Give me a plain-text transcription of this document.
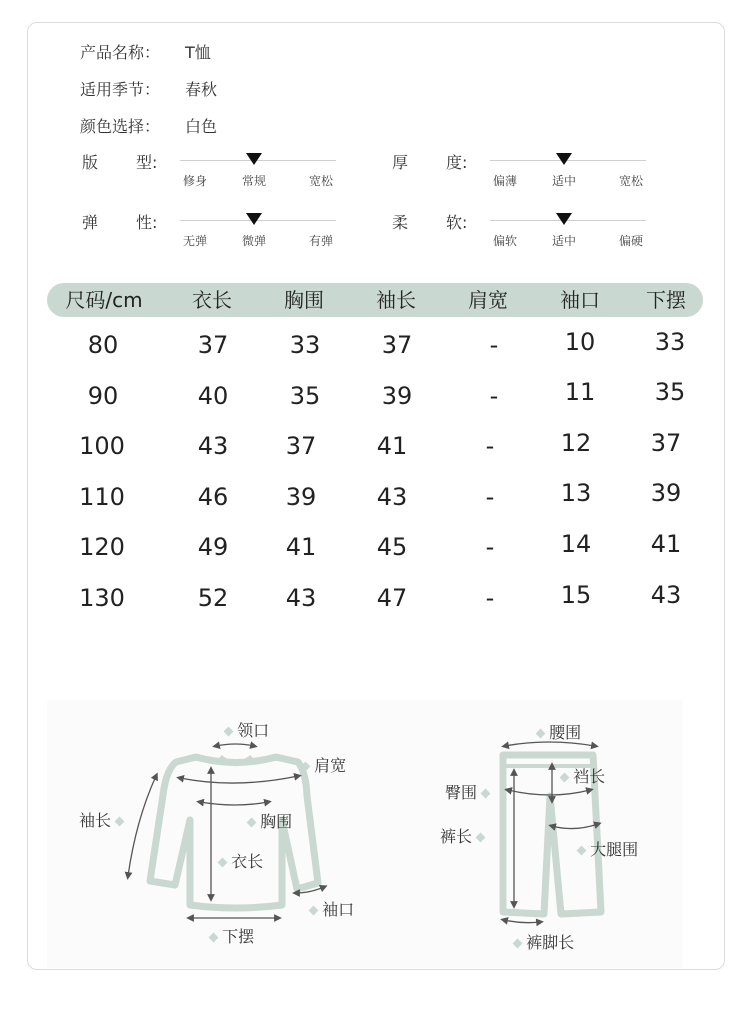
产品名称： T恤
适用季节： 春秋
颜色选择： 白色
版 型:
修身	常规	宽松
厚 度:
偏薄	适中	宽松
弹 性:
无弹	微弹	有弹
柔 软:
偏软	适中	偏硬
尺码/cm 衣长	胸围	袖长	肩宽	袖口 下摆
80	37	33	37	-	10 33
90	40	35	39	-	11 35
100	43 37	41	-	12 37
110	46 39	43	-	13 39
120	49 41	45	-	14 41
130	52 43	47	-	15 43
领口
肩宽
袖长	胸围
衣长
袖口
下摆
腰围
臀围
裆长
裤长
大腿围
裤脚长
